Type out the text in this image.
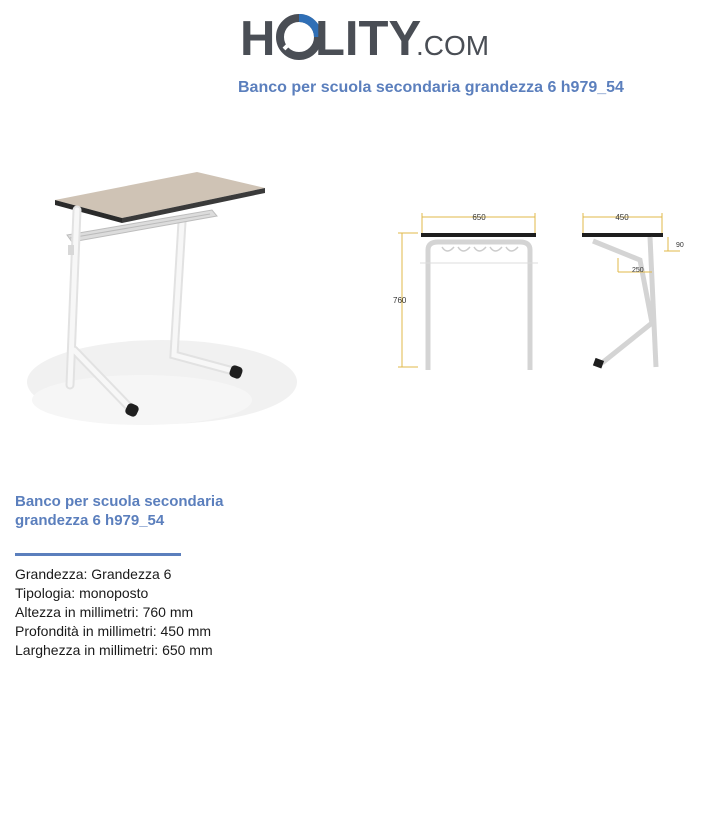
H LITY
.COM
Banco per scuola secondaria grandezza 6 h979_54
650
760
450
90
250
Banco per scuola secondaria grandezza 6 h979_54
Grandezza: Grandezza 6
Tipologia: monoposto
Altezza in millimetri: 760 mm
Profondità in millimetri: 450 mm
Larghezza in millimetri: 650 mm
